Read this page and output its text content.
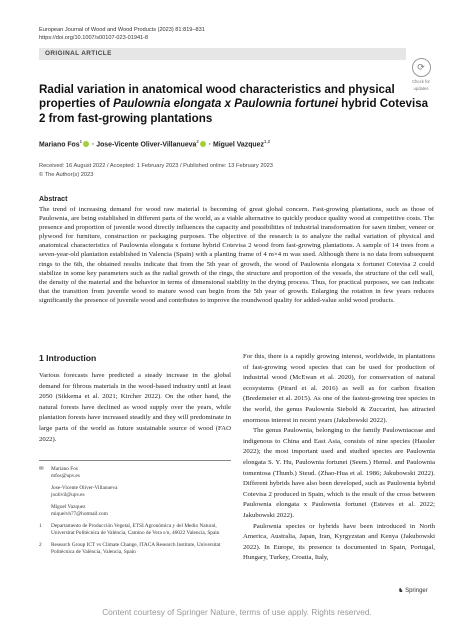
European Journal of Wood and Wood Products (2023) 81:819–831
https://doi.org/10.1007/s00107-023-01941-8
ORIGINAL ARTICLE
⟳
Check for
updates
Radial variation in anatomical wood characteristics and physical properties of Paulownia elongata x Paulownia fortunei hybrid Cotevisa 2 from fast-growing plantations
Mariano Fos$^1$ · Jose-Vicente Oliver-Villanueva$^2$ · Miguel Vazquez$^{1,2}$
Received: 16 August 2022 / Accepted: 1 February 2023 / Published online: 13 February 2023
© The Author(s) 2023
Abstract
The trend of increasing demand for wood raw material is becoming of great global concern. Fast-growing plantations, such as those of Paulownia, are being established in different parts of the world, as a viable alternative to quickly produce quality wood at competitive costs. The presence and proportion of juvenile wood directly influences the capacity and possibilities of industrial transformation for sawn timber, veneer or plywood for furniture, construction or packaging purposes. The objective of the research is to analyze the radial variation of physical and anatomical characteristics of Paulownia elongata x fortune hybrid Cotevisa 2 wood from fast-growing plantations. A sample of 14 trees from a seven-year-old plantation established in Valencia (Spain) with a planting frame of 4 m×4 m was used. Although there is no data from subsequent rings to the 6th, the obtained results indicate that from the 5th year of growth, the wood of Paulownia elongata x fortunei Cotevisa 2 could stabilize in some key parameters such as the radial growth of the rings, the structure and proportion of the vessels, the structure of the cell wall, the density of the material and the behavior in terms of dimensional stability in the drying process. Thus, for practical purposes, we can indicate that the transition from juvenile wood to mature wood can begin from the 5th year of growth. Enlarging the rotation in few years reduces significantly the presence of juvenile wood and contributes to improve the roundwood quality for added-value solid wood products.
1 Introduction
Various forecasts have predicted a steady increase in the global demand for fibrous materials in the wood-based industry until at least 2050 (Sikkema et al. 2021; Kircher 2022). On the other hand, the natural forests have declined as wood supply over the years, while plantation forests have increased steadily and they will predominate in large parts of the world as future sustainable source of wood (FAO 2022).

For this, there is a rapidly growing interest, worldwide, in plantations of fast-growing wood species that can be used for production of industrial wood (McEwan et al. 2020), for conservation of natural ecosystems (Pirard et al. 2016) as well as for carbon fixation (Bredemeier et al. 2015). As one of the fastest-growing tree species in the world, the genus Paulownia Siebold & Zuccarini, has attracted enormous interest in recent years (Jakubowski 2022).

The genus Paulownia, belonging to the family Paulowniaceae and indigenous to China and East Asia, consists of nine species (Hassler 2022); the most important used and studied species are Paulownia elongata S. Y. Hu, Paulownia fortunei (Seem.) Hemsl. and Paulownia tomentosa (Thunb.) Steud. (Zhao-Hua et al. 1986; Jakubowski 2022). Different hybrids have also been developed, such as Paulownia hybrid Cotevisa 2 produced in Spain, which is the result of the cross between Paulownia elongata x Paulownia fortunei (Esteves et al. 2022; Jakubowski 2022).

Paulownia species or hybrids have been introduced in North America, Australia, Japan, Iran, Kyrgyzstan and Kenya (Jakubowski 2022). In Europe, its presence is documented in Spain, Portugal, Hungary, Turkey, Croatia, Italy,

✉	Mariano Fos
mfos@upv.es
Jose-Vicente Oliver-Villanueva
joolivil@upv.es
Miguel Vazquez
miquelvh77@hotmail.com
1	Departamento de Producción Vegetal, ETSI Agronómica y del Medio Natural, Universitat Politècnica de València, Camino de Vera s/n, 46022 Valencia, Spain
2	Research Group ICT vs Climate Change, ITACA Research Institute, Universitat Politècnica de València, Valencia, Spain
♞ Springer
Content courtesy of Springer Nature, terms of use apply. Rights reserved.
